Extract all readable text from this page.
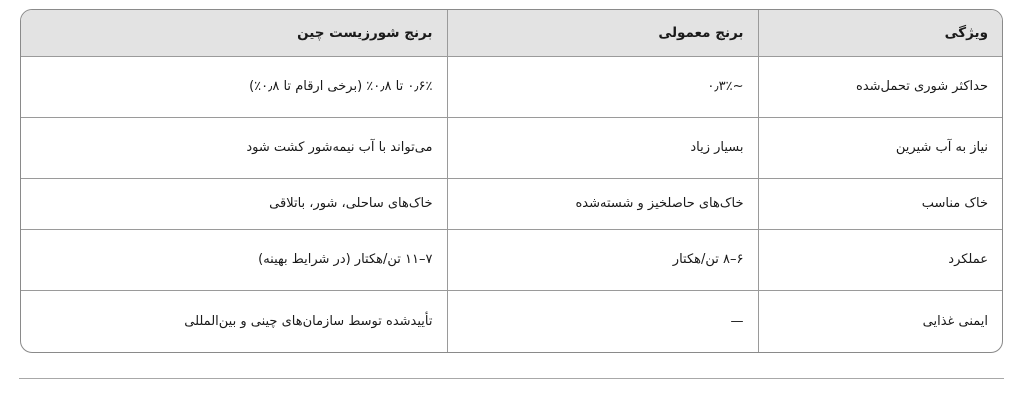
ویژگی	برنج معمولی	برنج شورزیست چین
حداکثر شوری تحمل‌شده	~۰٫۳٪	۰٫۶٪ تا ۰٫۸٪ (برخی ارقام تا ۰٫۸٪)
نیاز به آب شیرین	بسیار زیاد	می‌تواند با آب نیمه‌شور کشت شود
خاک مناسب	خاک‌های حاصلخیز و شسته‌شده	خاک‌های ساحلی، شور، باتلاقی
عملکرد	۶–۸ تن/هکتار	۷–۱۱ تن/هکتار (در شرایط بهینه)
ایمنی غذایی	—	تأییدشده توسط سازمان‌های چینی و بین‌المللی
